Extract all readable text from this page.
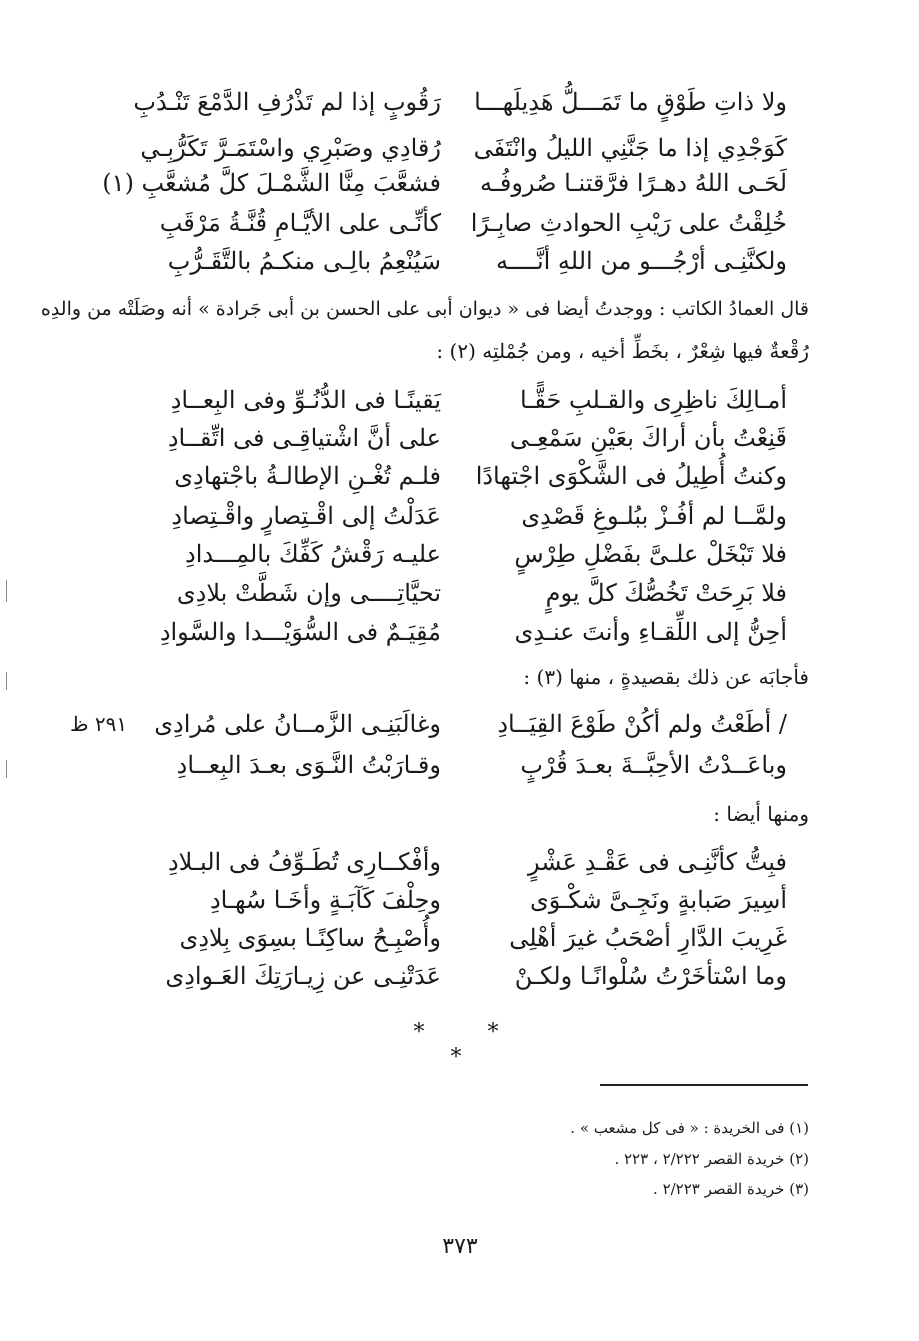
ولا ذاتِ طَوْقٍ ما تَمَـــلُّ هَدِيلَهـــا
رَقُوبٍ إذا لم تَذْرُفِ الدَّمْعَ تَنْـدُبِ
كَوَجْدِي إذا ما جَنَّنِي الليلُ وانْتَفَى
رُقادِي وصَبْرِي واسْتَمَـرَّ تَكَرُّبِـي
لَحَـى اللهُ دهـرًا فرَّقتنـا صُروفُـه
فشعَّبَ مِنَّا الشَّمْـلَ كلَّ مُشعَّبِ (١)
خُلِقْتُ على رَيْبِ الحوادثِ صابِـرًا
كأنِّـى على الأيَّـامِ قُنَّـةُ مَرْقَبِ
ولكنَّنِـى أرْجُـــو من اللهِ أنَّــــه
سَيُنْعِمُ بالِـى منكـمُ بالتَّقَـرُّبِ
قال العمادُ الكاتب : ووجدتُ أيضا فى « ديوان أبى على الحسن بن أبى جَرادة » أنه وصَلَتْه من والدِه
رُقْعةٌ فيها شِعْرٌ ، بخَطِّ أخيه ، ومن جُمْلتِه (٢) :
أمـالِكَ ناظِرِى والقـلبِ حَقًّـا
يَقينًـا فى الدُّنُـوِّ وفى البِعــادِ
قَنِعْتُ بأن أراكَ بعَيْنِ سَمْعِـى
على أنَّ اشْتياقِـى فى اتِّقــادِ
وكنتُ أُطِيلُ فى الشَّكْوَى اجْتهادًا
فلـم تُغْـنِ الإطالـةُ باجْتهادِى
ولمَّــا لم أفُـزْ ببُلـوغِ قَصْدِى
عَدَلْتُ إلى اقْـتِصارٍ واقْـتِصادِ
فلا تَبْخَلْ علـىَّ بفَضْلِ طِرْسٍ
عليـه رَقْشُ كَفِّكَ بالمِـــدادِ
فلا بَرِحَتْ تَخُصُّكَ كلَّ يومٍ
تحيَّاتِــــى وإن شَطَّتْ بلادِى
أحِنُّ إلى اللِّقـاءِ وأنتَ عنـدِى
مُقِيَـمٌ فى السُّوَيْـــدا والسَّوادِ
فأجابَه عن ذلك بقصيدةٍ ، منها (٣) :
٢٩١ ظ	/ أطَعْتُ ولم أكُنْ طَوْعَ القِيَــادِ
وغالَبَنِـى الزَّمــانُ على مُرادِى
وباعَــدْتُ الأحِبَّــةَ بعـدَ قُرْبٍ
وقـارَبْتُ النَّـوَى بعـدَ البِعــادِ
ومنها أيضا :
فبِتُّ كأنَّنِـى فى عَقْـدِ عَشْرٍ
وأفْكــارِى تُطَـوِّفُ فى البـلادِ
أسِيرَ صَبابةٍ ونَجِـىَّ شكْـوَى
وحِلْفَ كَآبَـةٍ وأخَـا سُهـادِ
غَرِيبَ الدَّارِ أصْحَبُ غيرَ أهْلِى
وأُصْبِـحُ ساكِنًـا بسِوَى بِلادِى
وما اسْتأخَرْتُ سُلْوانًـا ولكـنْ
عَدَتْنِـى عن زِيـارَتِكَ العَـوادِى
* * *
(١) فى الخريدة : « فى كل مشعب » .
(٢) خريدة القصر ٢/٢٢٢ ، ٢٢٣ .
(٣) خريدة القصر ٢/٢٢٣ .
٣٧٣
